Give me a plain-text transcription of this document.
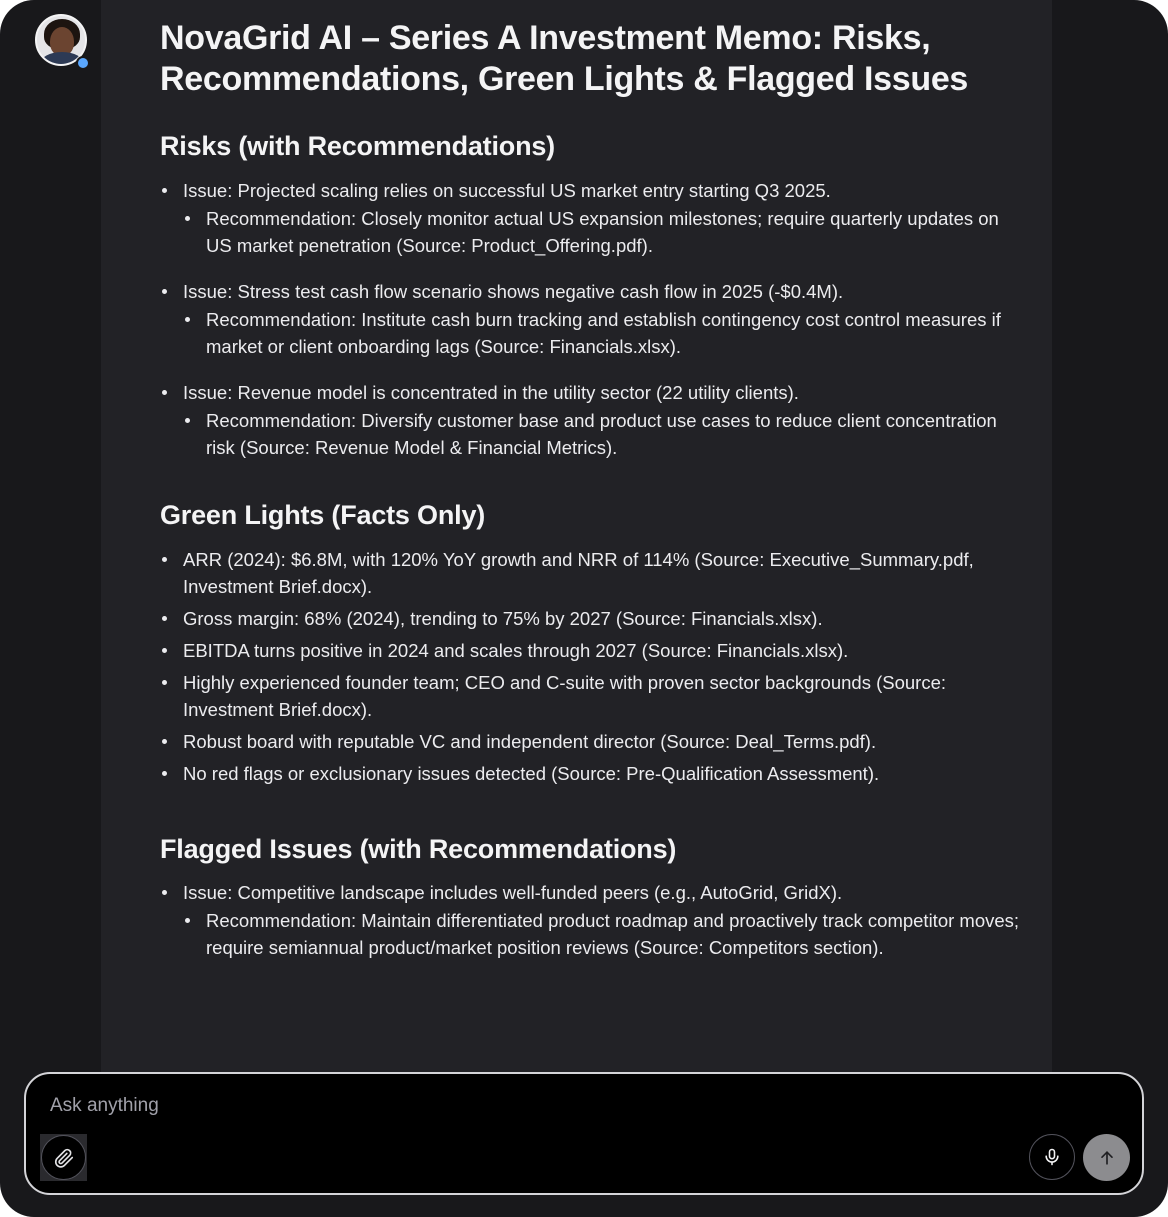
NovaGrid AI – Series A Investment Memo: Risks, Recommendations, Green Lights & Flagged Issues
Risks (with Recommendations)
Issue: Projected scaling relies on successful US market entry starting Q3 2025.
Recommendation: Closely monitor actual US expansion milestones; require quarterly updates on US market penetration (Source: Product_Offering.pdf).
Issue: Stress test cash flow scenario shows negative cash flow in 2025 (-$0.4M).
Recommendation: Institute cash burn tracking and establish contingency cost control measures if market or client onboarding lags (Source: Financials.xlsx).
Issue: Revenue model is concentrated in the utility sector (22 utility clients).
Recommendation: Diversify customer base and product use cases to reduce client concentration risk (Source: Revenue Model & Financial Metrics).
Green Lights (Facts Only)
ARR (2024): $6.8M, with 120% YoY growth and NRR of 114% (Source: Executive_Summary.pdf, Investment Brief.docx).
Gross margin: 68% (2024), trending to 75% by 2027 (Source: Financials.xlsx).
EBITDA turns positive in 2024 and scales through 2027 (Source: Financials.xlsx).
Highly experienced founder team; CEO and C-suite with proven sector backgrounds (Source: Investment Brief.docx).
Robust board with reputable VC and independent director (Source: Deal_Terms.pdf).
No red flags or exclusionary issues detected (Source: Pre-Qualification Assessment).
Flagged Issues (with Recommendations)
Issue: Competitive landscape includes well-funded peers (e.g., AutoGrid, GridX).
Recommendation: Maintain differentiated product roadmap and proactively track competitor moves; require semiannual product/market position reviews (Source: Competitors section).
Ask anything
